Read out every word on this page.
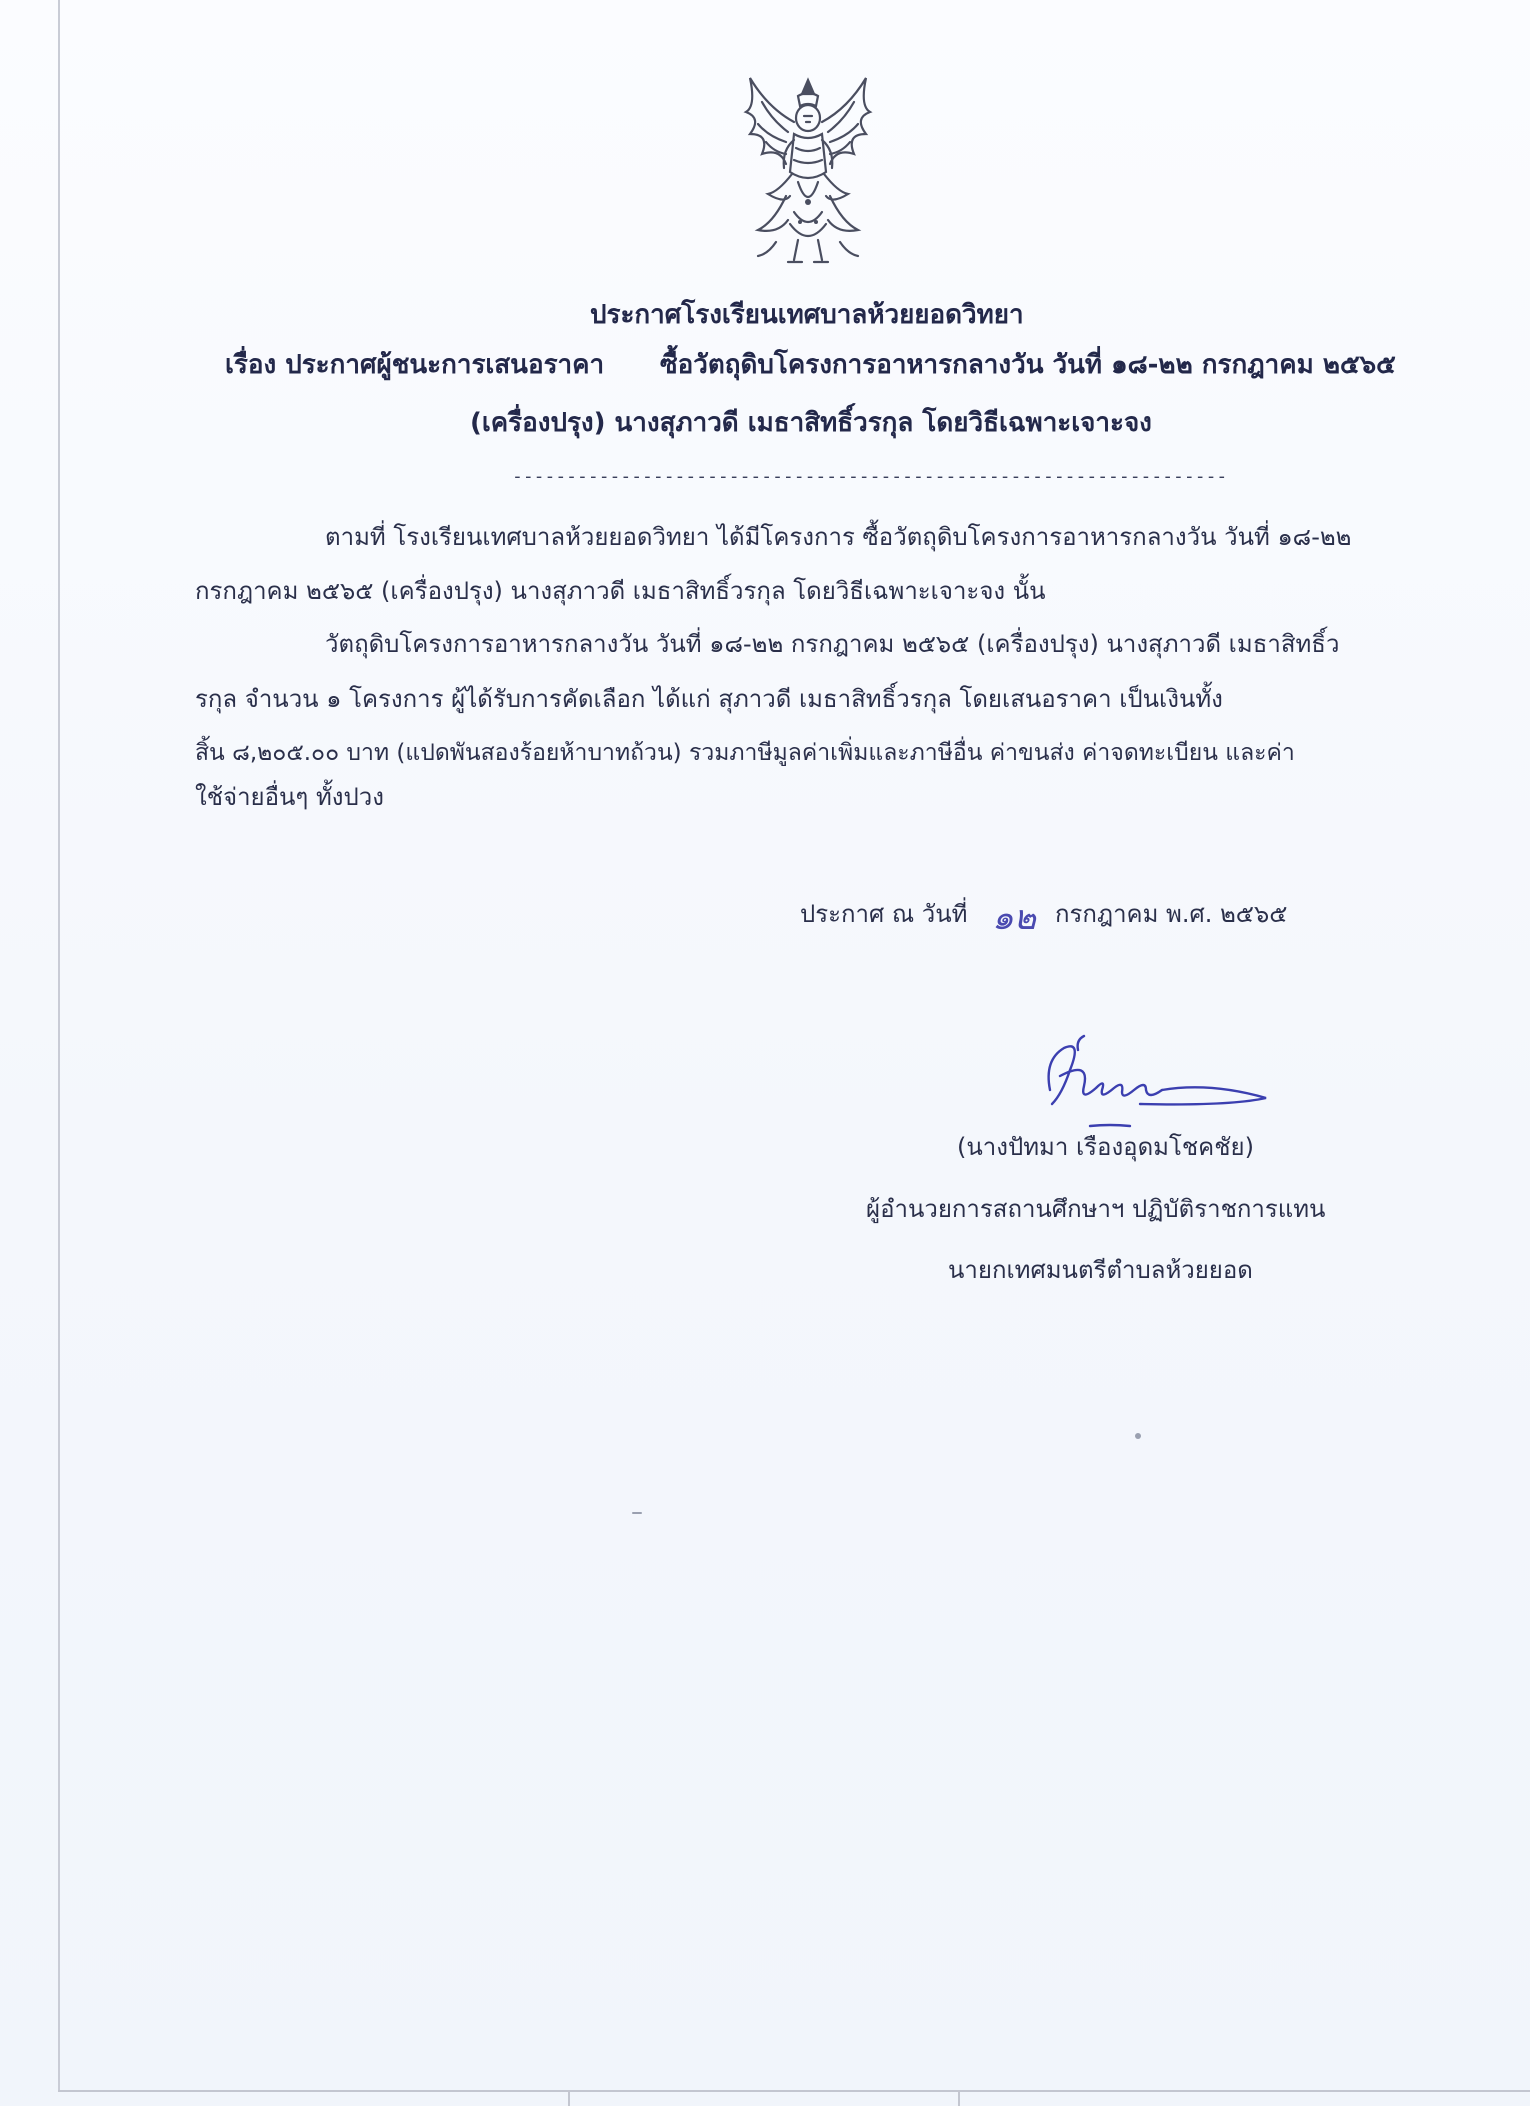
ประกาศโรงเรียนเทศบาลห้วยยอดวิทยา
เรื่อง ประกาศผู้ชนะการเสนอราคา ซื้อวัตถุดิบโครงการอาหารกลางวัน วันที่ ๑๘-๒๒ กรกฎาคม ๒๕๖๕
(เครื่องปรุง) นางสุภาวดี เมธาสิทธิ์วรกุล โดยวิธีเฉพาะเจาะจง
------------------------------------------------------------------
ตามที่ โรงเรียนเทศบาลห้วยยอดวิทยา ได้มีโครงการ ซื้อวัตถุดิบโครงการอาหารกลางวัน วันที่ ๑๘-๒๒
กรกฎาคม ๒๕๖๕ (เครื่องปรุง) นางสุภาวดี เมธาสิทธิ์วรกุล โดยวิธีเฉพาะเจาะจง นั้น
วัตถุดิบโครงการอาหารกลางวัน วันที่ ๑๘-๒๒ กรกฎาคม ๒๕๖๕ (เครื่องปรุง) นางสุภาวดี เมธาสิทธิ์ว
รกุล จำนวน ๑ โครงการ ผู้ได้รับการคัดเลือก ได้แก่ สุภาวดี เมธาสิทธิ์วรกุล โดยเสนอราคา เป็นเงินทั้ง
สิ้น ๘,๒๐๕.๐๐ บาท (แปดพันสองร้อยห้าบาทถ้วน) รวมภาษีมูลค่าเพิ่มและภาษีอื่น ค่าขนส่ง ค่าจดทะเบียน และค่า
ใช้จ่ายอื่นๆ ทั้งปวง
ประกาศ ณ วันที่ ๑๒ กรกฎาคม พ.ศ. ๒๕๖๕
(นางปัทมา เรืองอุดมโชคชัย)
ผู้อำนวยการสถานศึกษาฯ ปฏิบัติราชการแทน
นายกเทศมนตรีตำบลห้วยยอด
